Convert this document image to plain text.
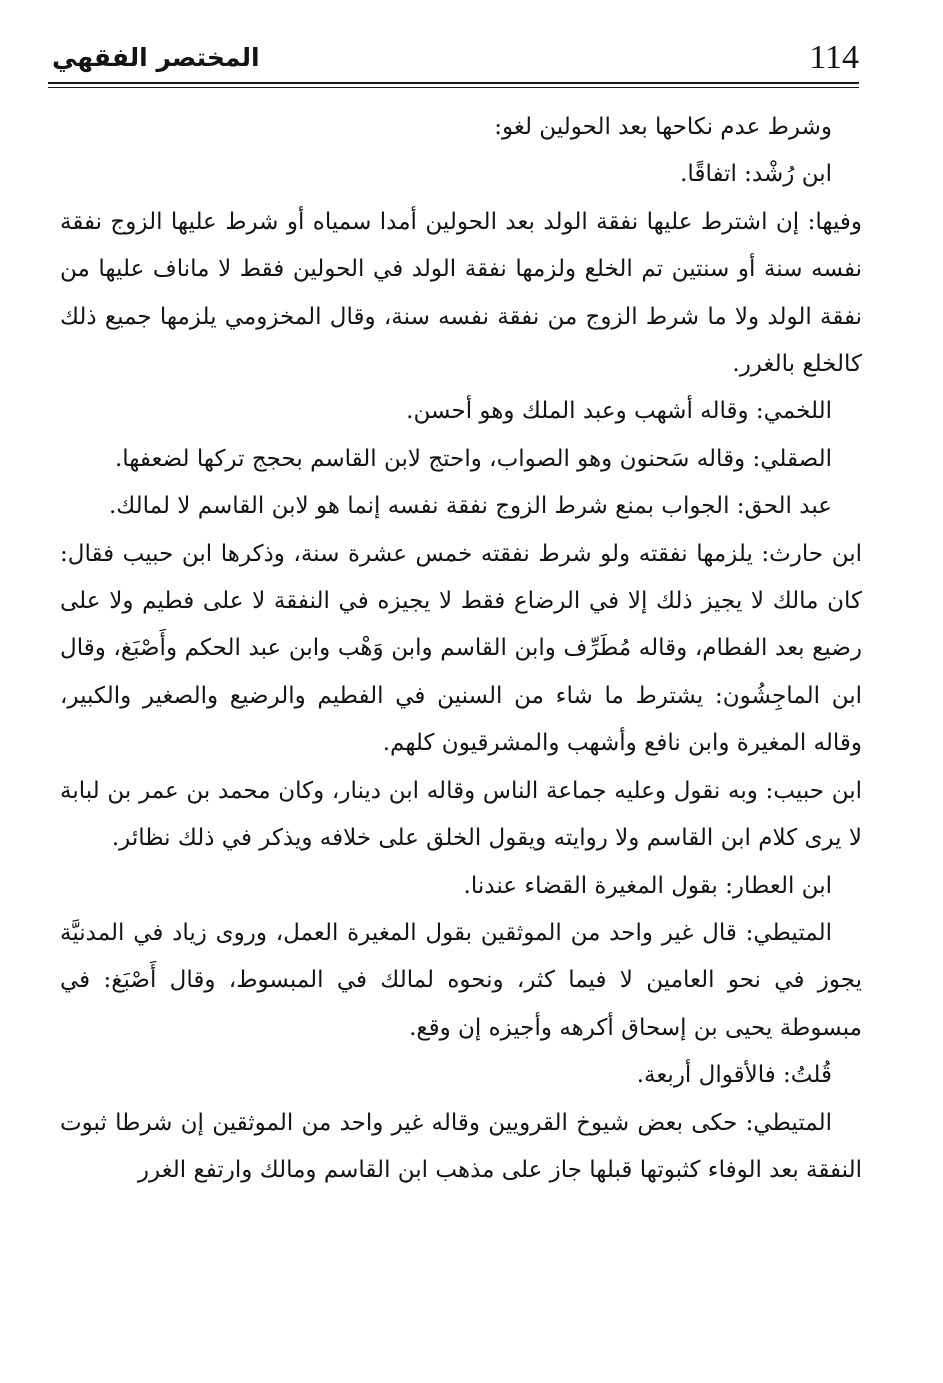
114
المختصر الفقهي

وشرط عدم نكاحها بعد الحولين لغو:

ابن رُشْد: اتفاقًا.

وفيها: إن اشترط عليها نفقة الولد بعد الحولين أمدا سمياه أو شرط عليها الزوج نفقة نفسه سنة أو سنتين تم الخلع ولزمها نفقة الولد في الحولين فقط لا ماناف عليها من نفقة الولد ولا ما شرط الزوج من نفقة نفسه سنة، وقال المخزومي يلزمها جميع ذلك كالخلع بالغرر.

اللخمي: وقاله أشهب وعبد الملك وهو أحسن.

الصقلي: وقاله سَحنون وهو الصواب، واحتج لابن القاسم بحجج تركها لضعفها.

عبد الحق: الجواب بمنع شرط الزوج نفقة نفسه إنما هو لابن القاسم لا لمالك.

ابن حارث: يلزمها نفقته ولو شرط نفقته خمس عشرة سنة، وذكرها ابن حبيب فقال: كان مالك لا يجيز ذلك إلا في الرضاع فقط لا يجيزه في النفقة لا على فطيم ولا على رضيع بعد الفطام، وقاله مُطَرِّف وابن القاسم وابن وَهْب وابن عبد الحكم وأَصْبَغ، وقال ابن الماجِشُون: يشترط ما شاء من السنين في الفطيم والرضيع والصغير والكبير، وقاله المغيرة وابن نافع وأشهب والمشرقيون كلهم.

ابن حبيب: وبه نقول وعليه جماعة الناس وقاله ابن دينار، وكان محمد بن عمر بن لبابة لا يرى كلام ابن القاسم ولا روايته ويقول الخلق على خلافه ويذكر في ذلك نظائر.

ابن العطار: بقول المغيرة القضاء عندنا.

المتيطي: قال غير واحد من الموثقين بقول المغيرة العمل، وروى زياد في المدنيَّة يجوز في نحو العامين لا فيما كثر، ونحوه لمالك في المبسوط، وقال أَصْبَغ: في مبسوطة يحيى بن إسحاق أكرهه وأجيزه إن وقع.

قُلتُ: فالأقوال أربعة.

المتيطي: حكى بعض شيوخ القرويين وقاله غير واحد من الموثقين إن شرطا ثبوت النفقة بعد الوفاء كثبوتها قبلها جاز على مذهب ابن القاسم ومالك وارتفع الغرر
